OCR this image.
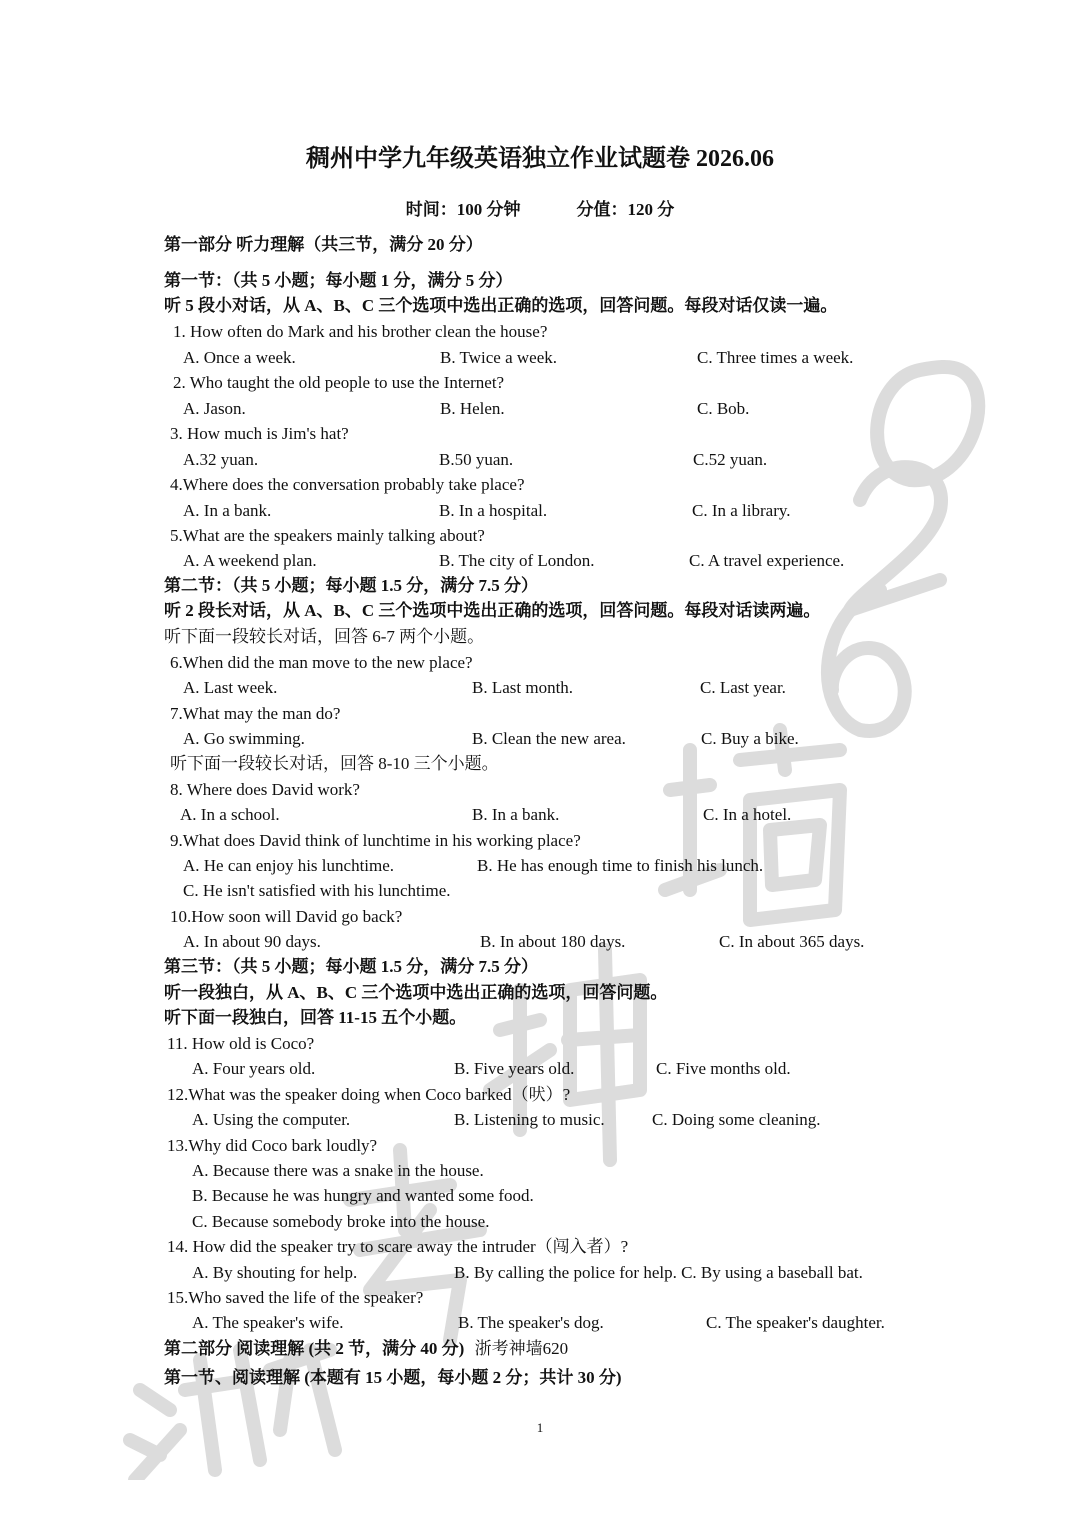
稠州中学九年级英语独立作业试题卷 2026.06
时间：100 分钟	分值：120 分
第一部分 听力理解（共三节，满分 20 分）
第一节：（共 5 小题；每小题 1 分，满分 5 分）
听 5 段小对话，从 A、B、C 三个选项中选出正确的选项，回答问题。每段对话仅读一遍。
1. How often do Mark and his brother clean the house?
A. Once a week.	B. Twice a week.	C. Three times a week.
2. Who taught the old people to use the Internet?
A. Jason.	B. Helen.	C. Bob.
3. How much is Jim's hat?
A.32 yuan.	B.50 yuan.	C.52 yuan.
4.Where does the conversation probably take place?
A. In a bank.	B. In a hospital.	C. In a library.
5.What are the speakers mainly talking about?
A. A weekend plan.	B. The city of London.	C. A travel experience.
第二节：（共 5 小题；每小题 1.5 分，满分 7.5 分）
听 2 段长对话，从 A、B、C 三个选项中选出正确的选项，回答问题。每段对话读两遍。
听下面一段较长对话，回答 6-7 两个小题。
6.When did the man move to the new place?
A. Last week.	B. Last month.	C. Last year.
7.What may the man do?
A. Go swimming.	B. Clean the new area.	C. Buy a bike.
听下面一段较长对话，回答 8-10 三个小题。
8. Where does David work?
A. In a school.	B. In a bank.	C. In a hotel.
9.What does David think of lunchtime in his working place?
A. He can enjoy his lunchtime.	B. He has enough time to finish his lunch.
C. He isn't satisfied with his lunchtime.
10.How soon will David go back?
A. In about 90 days.	B. In about 180 days.	C. In about 365 days.
第三节：（共 5 小题；每小题 1.5 分，满分 7.5 分）
听一段独白，从 A、B、C 三个选项中选出正确的选项，回答问题。
听下面一段独白，回答 11-15 五个小题。
11. How old is Coco?
A. Four years old.	B. Five years old.	C. Five months old.
12.What was the speaker doing when Coco barked（吠）?
A. Using the computer.	B. Listening to music.	C. Doing some cleaning.
13.Why did Coco bark loudly?
A. Because there was a snake in the house.
B. Because he was hungry and wanted some food.
C. Because somebody broke into the house.
14. How did the speaker try to scare away the intruder（闯入者）?
A. By shouting for help.	B. By calling the police for help. C. By using a baseball bat.
15.Who saved the life of the speaker?
A. The speaker's wife.	B. The speaker's dog.	C. The speaker's daughter.
第二部分 阅读理解 (共 2 节，满分 40 分) 浙考神墙620
第一节、阅读理解 (本题有 15 小题，每小题 2 分；共计 30 分)
1
